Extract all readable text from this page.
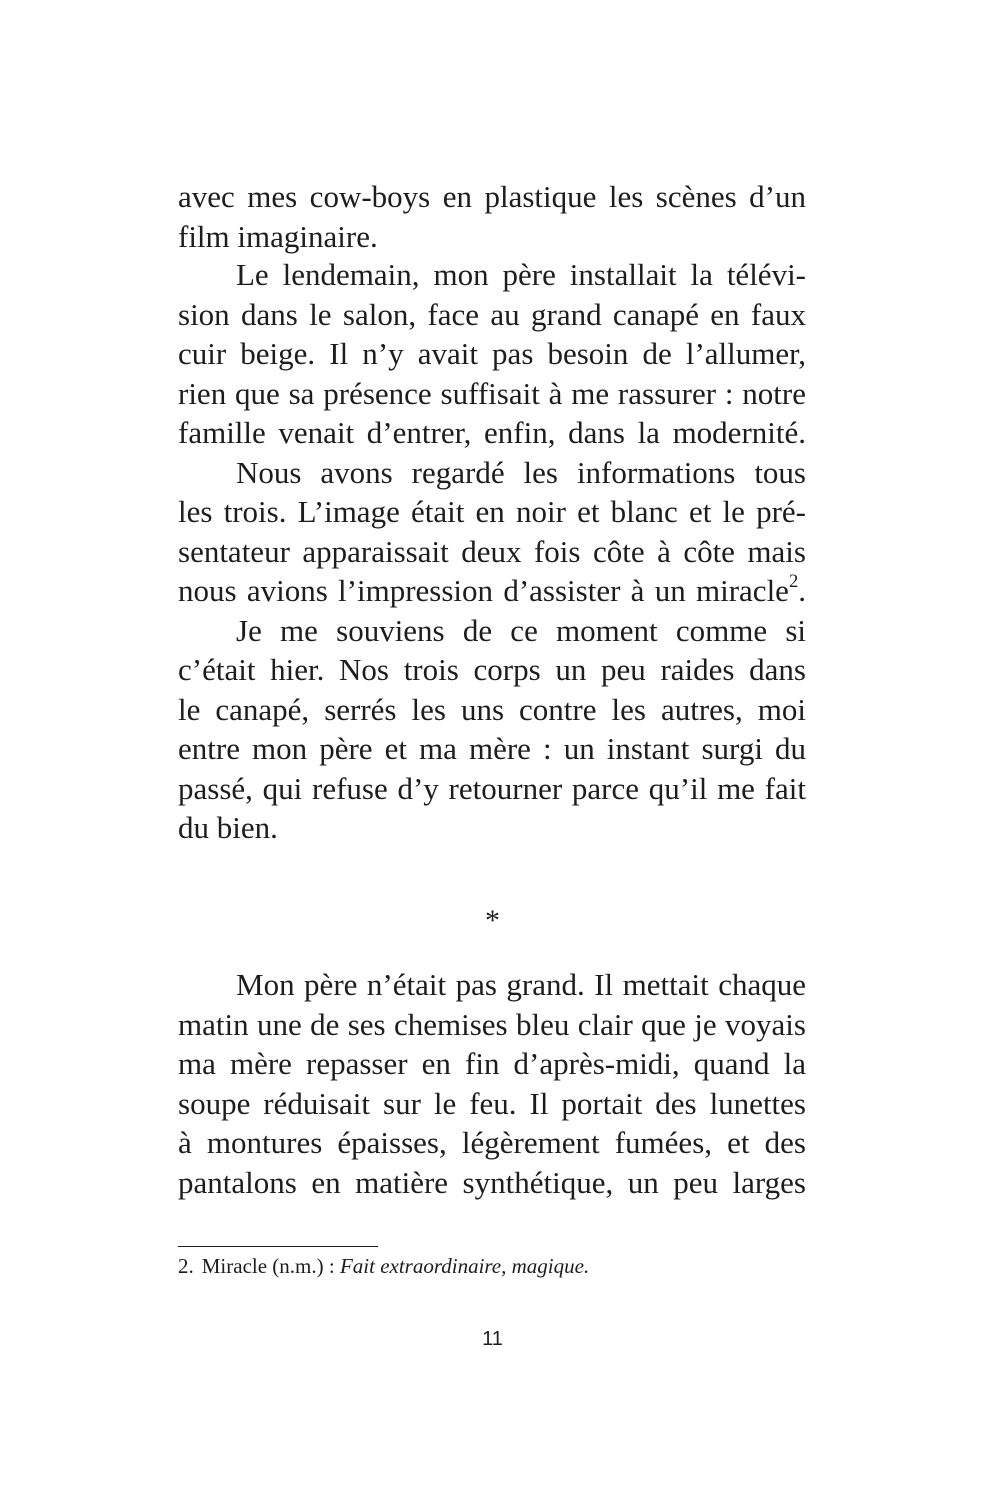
avec mes cow-boys en plastique les scènes d’un
film imaginaire.
Le lendemain, mon père installait la télévi-
sion dans le salon, face au grand canapé en faux
cuir beige. Il n’y avait pas besoin de l’allumer,
rien que sa présence suffisait à me rassurer : notre
famille venait d’entrer, enfin, dans la modernité.
Nous avons regardé les informations tous
les trois. L’image était en noir et blanc et le pré-
sentateur apparaissait deux fois côte à côte mais
nous avions l’impression d’assister à un miracle$^2$.
Je me souviens de ce moment comme si
c’était hier. Nos trois corps un peu raides dans
le canapé, serrés les uns contre les autres, moi
entre mon père et ma mère : un instant surgi du
passé, qui refuse d’y retourner parce qu’il me fait
du bien.
*
Mon père n’était pas grand. Il mettait chaque
matin une de ses chemises bleu clair que je voyais
ma mère repasser en fin d’après-midi, quand la
soupe réduisait sur le feu. Il portait des lunettes
à montures épaisses, légèrement fumées, et des
pantalons en matière synthétique, un peu larges
2. Miracle (n.m.) : Fait extraordinaire, magique.
11
